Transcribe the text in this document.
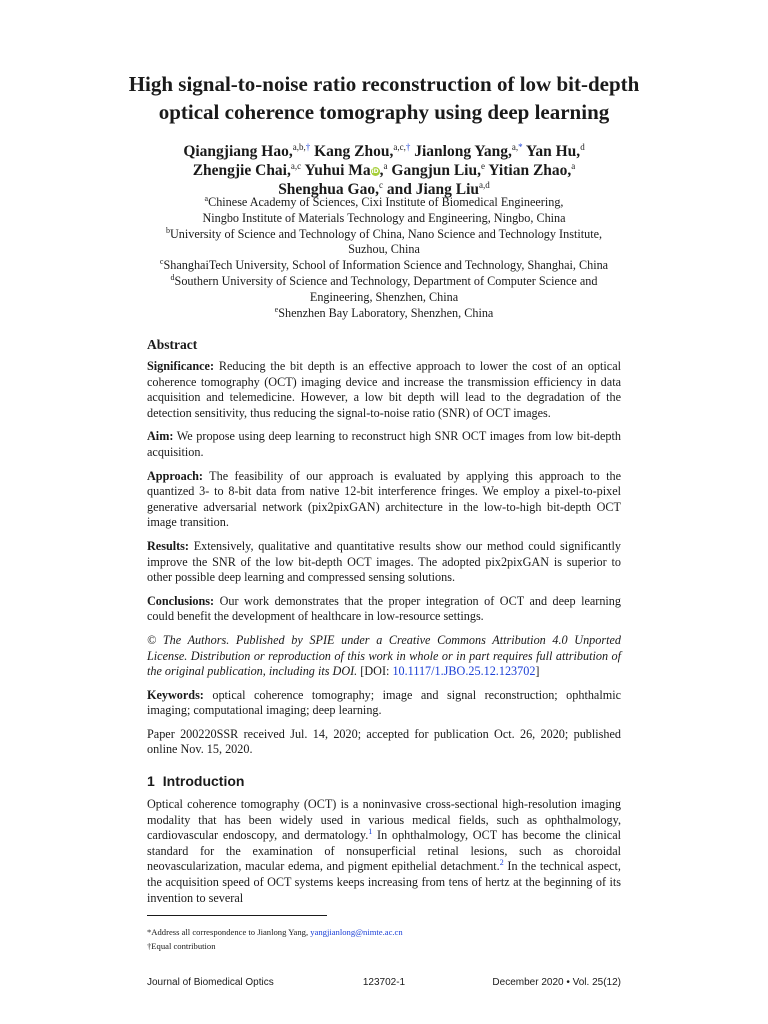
High signal-to-noise ratio reconstruction of low bit-depth
optical coherence tomography using deep learning
Qiangjiang Hao,$^{a,b,\dagger}$ Kang Zhou,$^{a,c,\dagger}$ Jianlong Yang,$^{a,*}$ Yan Hu,$^d$
Zhengjie Chai,$^{a,c}$ Yuhui MaiD,$^a$ Gangjun Liu,$^e$ Yitian Zhao,$^a$
Shenghua Gao,$^c$ and Jiang Liu$^{a,d}$
$^a$Chinese Academy of Sciences, Cixi Institute of Biomedical Engineering,
Ningbo Institute of Materials Technology and Engineering, Ningbo, China
$^b$University of Science and Technology of China, Nano Science and Technology Institute,
Suzhou, China
$^c$ShanghaiTech University, School of Information Science and Technology, Shanghai, China
$^d$Southern University of Science and Technology, Department of Computer Science and
Engineering, Shenzhen, China
$^e$Shenzhen Bay Laboratory, Shenzhen, China
Abstract

Significance: Reducing the bit depth is an effective approach to lower the cost of an optical coherence tomography (OCT) imaging device and increase the transmission efficiency in data acquisition and telemedicine. However, a low bit depth will lead to the degradation of the detection sensitivity, thus reducing the signal-to-noise ratio (SNR) of OCT images.

Aim: We propose using deep learning to reconstruct high SNR OCT images from low bit-depth acquisition.

Approach: The feasibility of our approach is evaluated by applying this approach to the quantized 3- to 8-bit data from native 12-bit interference fringes. We employ a pixel-to-pixel generative adversarial network (pix2pixGAN) architecture in the low-to-high bit-depth OCT image transition.

Results: Extensively, qualitative and quantitative results show our method could significantly improve the SNR of the low bit-depth OCT images. The adopted pix2pixGAN is superior to other possible deep learning and compressed sensing solutions.

Conclusions: Our work demonstrates that the proper integration of OCT and deep learning could benefit the development of healthcare in low-resource settings.

© The Authors. Published by SPIE under a Creative Commons Attribution 4.0 Unported License. Distribution or reproduction of this work in whole or in part requires full attribution of the original publication, including its DOI. [DOI: 10.1117/1.JBO.25.12.123702]

Keywords: optical coherence tomography; image and signal reconstruction; ophthalmic imaging; computational imaging; deep learning.

Paper 200220SSR received Jul. 14, 2020; accepted for publication Oct. 26, 2020; published online Nov. 15, 2020.

1 Introduction

Optical coherence tomography (OCT) is a noninvasive cross-sectional high-resolution imaging modality that has been widely used in various medical fields, such as ophthalmology, cardiovascular endoscopy, and dermatology.$^1$ In ophthalmology, OCT has become the clinical standard for the examination of nonsuperficial retinal lesions, such as choroidal neovascularization, macular edema, and pigment epithelial detachment.$^2$ In the technical aspect, the acquisition speed of OCT systems keeps increasing from tens of hertz at the beginning of its invention to several

*Address all correspondence to Jianlong Yang, yangjianlong@nimte.ac.cn
†Equal contribution
Journal of Biomedical Optics	123702-1	December 2020 • Vol. 25(12)
